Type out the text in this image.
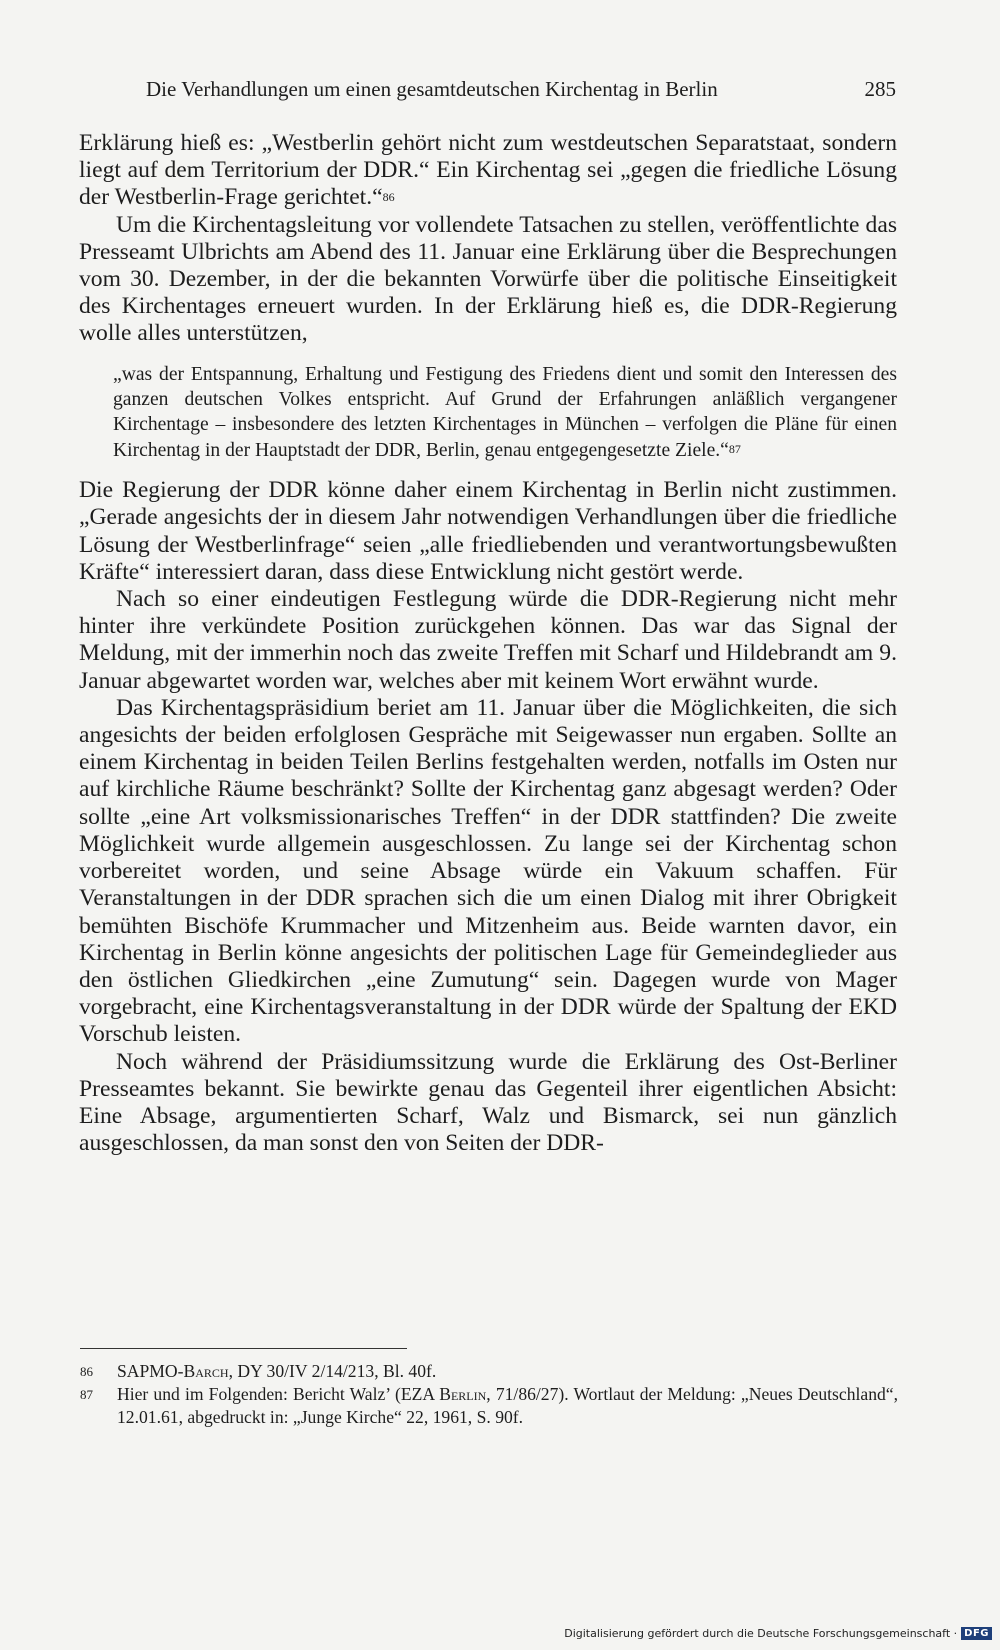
Die Verhandlungen um einen gesamtdeutschen Kirchentag in Berlin	285

Erklärung hieß es: „Westberlin gehört nicht zum westdeutschen Separatstaat, sondern liegt auf dem Territorium der DDR.“ Ein Kirchentag sei „gegen die friedliche Lösung der Westberlin-Frage gerichtet.“$^{86}$

Um die Kirchentagsleitung vor vollendete Tatsachen zu stellen, veröffentlichte das Presseamt Ulbrichts am Abend des 11. Januar eine Erklärung über die Besprechungen vom 30. Dezember, in der die bekannten Vorwürfe über die politische Einseitigkeit des Kirchentages erneuert wurden. In der Erklärung hieß es, die DDR-Regierung wolle alles unterstützen,

„was der Entspannung, Erhaltung und Festigung des Friedens dient und somit den Interessen des ganzen deutschen Volkes entspricht. Auf Grund der Erfahrungen anläßlich vergangener Kirchentage – insbesondere des letzten Kirchentages in München – verfolgen die Pläne für einen Kirchentag in der Hauptstadt der DDR, Berlin, genau entgegengesetzte Ziele.“$^{87}$

Die Regierung der DDR könne daher einem Kirchentag in Berlin nicht zustimmen. „Gerade angesichts der in diesem Jahr notwendigen Verhandlungen über die friedliche Lösung der Westberlinfrage“ seien „alle friedliebenden und verantwortungsbewußten Kräfte“ interessiert daran, dass diese Entwicklung nicht gestört werde.

Nach so einer eindeutigen Festlegung würde die DDR-Regierung nicht mehr hinter ihre verkündete Position zurückgehen können. Das war das Signal der Meldung, mit der immerhin noch das zweite Treffen mit Scharf und Hildebrandt am 9. Januar abgewartet worden war, welches aber mit keinem Wort erwähnt wurde.

Das Kirchentagspräsidium beriet am 11. Januar über die Möglichkeiten, die sich angesichts der beiden erfolglosen Gespräche mit Seigewasser nun ergaben. Sollte an einem Kirchentag in beiden Teilen Berlins festgehalten werden, notfalls im Osten nur auf kirchliche Räume beschränkt? Sollte der Kirchentag ganz abgesagt werden? Oder sollte „eine Art volksmissionarisches Treffen“ in der DDR stattfinden? Die zweite Möglichkeit wurde allgemein ausgeschlossen. Zu lange sei der Kirchentag schon vorbereitet worden, und seine Absage würde ein Vakuum schaffen. Für Veranstaltungen in der DDR sprachen sich die um einen Dialog mit ihrer Obrigkeit bemühten Bischöfe Krummacher und Mitzenheim aus. Beide warnten davor, ein Kirchentag in Berlin könne angesichts der politischen Lage für Gemeindeglieder aus den östlichen Gliedkirchen „eine Zumutung“ sein. Dagegen wurde von Mager vorgebracht, eine Kirchentagsveranstaltung in der DDR würde der Spaltung der EKD Vorschub leisten.

Noch während der Präsidiumssitzung wurde die Erklärung des Ost-Berliner Presseamtes bekannt. Sie bewirkte genau das Gegenteil ihrer eigentlichen Absicht: Eine Absage, argumentierten Scharf, Walz und Bismarck, sei nun gänzlich ausgeschlossen, da man sonst den von Seiten der DDR-

86	SAPMO-Barch, DY 30/IV 2/14/213, Bl. 40f.
87	Hier und im Folgenden: Bericht Walz’ (EZA Berlin, 71/86/27). Wortlaut der Meldung: „Neues Deutschland“, 12.01.61, abgedruckt in: „Junge Kirche“ 22, 1961, S. 90f.
Digitalisierung gefördert durch die Deutsche Forschungsgemeinschaft · DFG
